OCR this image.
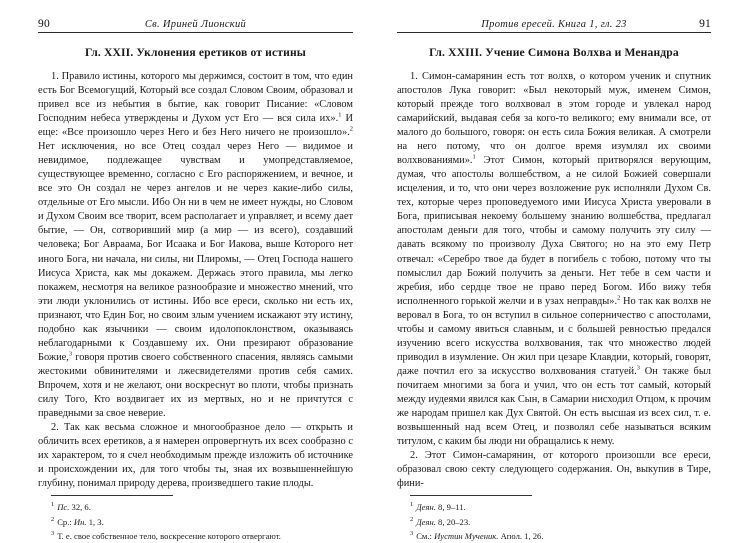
90	Св. Ириней Лионский
Гл. XXII. Уклонения еретиков от истины

1. Правило истины, которого мы держимся, состоит в том, что един есть Бог Всемогущий, Который все создал Словом Своим, образовал и привел все из небытия в бытие, как говорит Писание: «Словом Господним небеса утверждены и Духом уст Его — вся сила их».$^1$ И еще: «Все произошло через Него и без Него ничего не произошло».$^2$ Нет исключения, но все Отец создал через Него — видимое и невидимое, подлежащее чувствам и умопредставляемое, существующее временно, согласно с Его распоряжением, и вечное, и все это Он создал не через ангелов и не через какие-либо силы, отдельные от Его мысли. Ибо Он ни в чем не имеет нужды, но Словом и Духом Своим все творит, всем располагает и управляет, и всему дает бытие, — Он, сотворивший мир (а мир — из всего), создавший человека; Бог Авраама, Бог Исаака и Бог Иакова, выше Которого нет иного Бога, ни начала, ни силы, ни Плиромы, — Отец Господа нашего Иисуса Христа, как мы докажем. Держась этого правила, мы легко покажем, несмотря на великое разнообразие и множество мнений, что эти люди уклонились от истины. Ибо все ереси, сколько ни есть их, признают, что Един Бог, но своим злым учением искажают эту истину, подобно как язычники — своим идолопоклонством, оказываясь неблагодарными к Создавшему их. Они презирают образование Божие,$^3$ говоря против своего собственного спасения, являясь самыми жестокими обвинителями и лжесвидетелями против себя самих. Впрочем, хотя и не желают, они воскреснут во плоти, чтобы признать силу Того, Кто воздвигает их из мертвых, но и не причтутся с праведными за свое неверие.

2. Так как весьма сложное и многообразное дело — открыть и обличить всех еретиков, а я намерен опровергнуть их всех сообразно с их характером, то я счел необходимым прежде изложить об источнике и происхождении их, для того чтобы ты, зная их возвышеннейшую глубину, понимал природу дерева, произведшего такие плоды.

$^1$ Пс. 32, 6.

$^2$ Ср.: Ин. 1, 3.

$^3$ Т. е. свое собственное тело, воскресение которого отвергают.

Против ересей. Книга 1, гл. 23	91
Гл. XXIII. Учение Симона Волхва и Менандра

1. Симон-самарянин есть тот волхв, о котором ученик и спутник апостолов Лука говорит: «Был некоторый муж, именем Симон, который прежде того волхвовал в этом городе и увлекал народ самарийский, выдавая себя за кого-то великого; ему внимали все, от малого до большого, говоря: он есть сила Божия великая. А смотрели на него потому, что он долгое время изумлял их своими волхвованиями».$^1$ Этот Симон, который притворялся верующим, думая, что апостолы волшебством, а не силой Божией совершали исцеления, и то, что они через возложение рук исполняли Духом Св. тех, которые через проповедуемого ими Иисуса Христа уверовали в Бога, приписывая некоему большему знанию волшебства, предлагал апостолам деньги для того, чтобы и самому получить эту силу — давать всякому по произволу Духа Святого; но на это ему Петр отвечал: «Серебро твое да будет в погибель с тобою, потому что ты помыслил дар Божий получить за деньги. Нет тебе в сем части и жребия, ибо сердце твое не право перед Богом. Ибо вижу тебя исполненного горькой желчи и в узах неправды».$^2$ Но так как волхв не веровал в Бога, то он вступил в сильное соперничество с апостолами, чтобы и самому явиться славным, и с большей ревностью предался изучению всего искусства волхвования, так что множество людей приводил в изумление. Он жил при цезаре Клавдии, который, говорят, даже почтил его за искусство волхвования статуей.$^3$ Он также был почитаем многими за бога и учил, что он есть тот самый, который между иудеями явился как Сын, в Самарии нисходил Отцом, к прочим же народам пришел как Дух Святой. Он есть высшая из всех сил, т. е. возвышенный над всем Отец, и позволял себе называться всяким титулом, с каким бы люди ни обращались к нему.

2. Этот Симон-самарянин, от которого произошли все ереси, образовал свою секту следующего содержания. Он, выкупив в Тире, фини-

$^1$ Деян. 8, 9–11.

$^2$ Деян. 8, 20–23.

$^3$ См.: Иустин Мученик. Апол. 1, 26.
